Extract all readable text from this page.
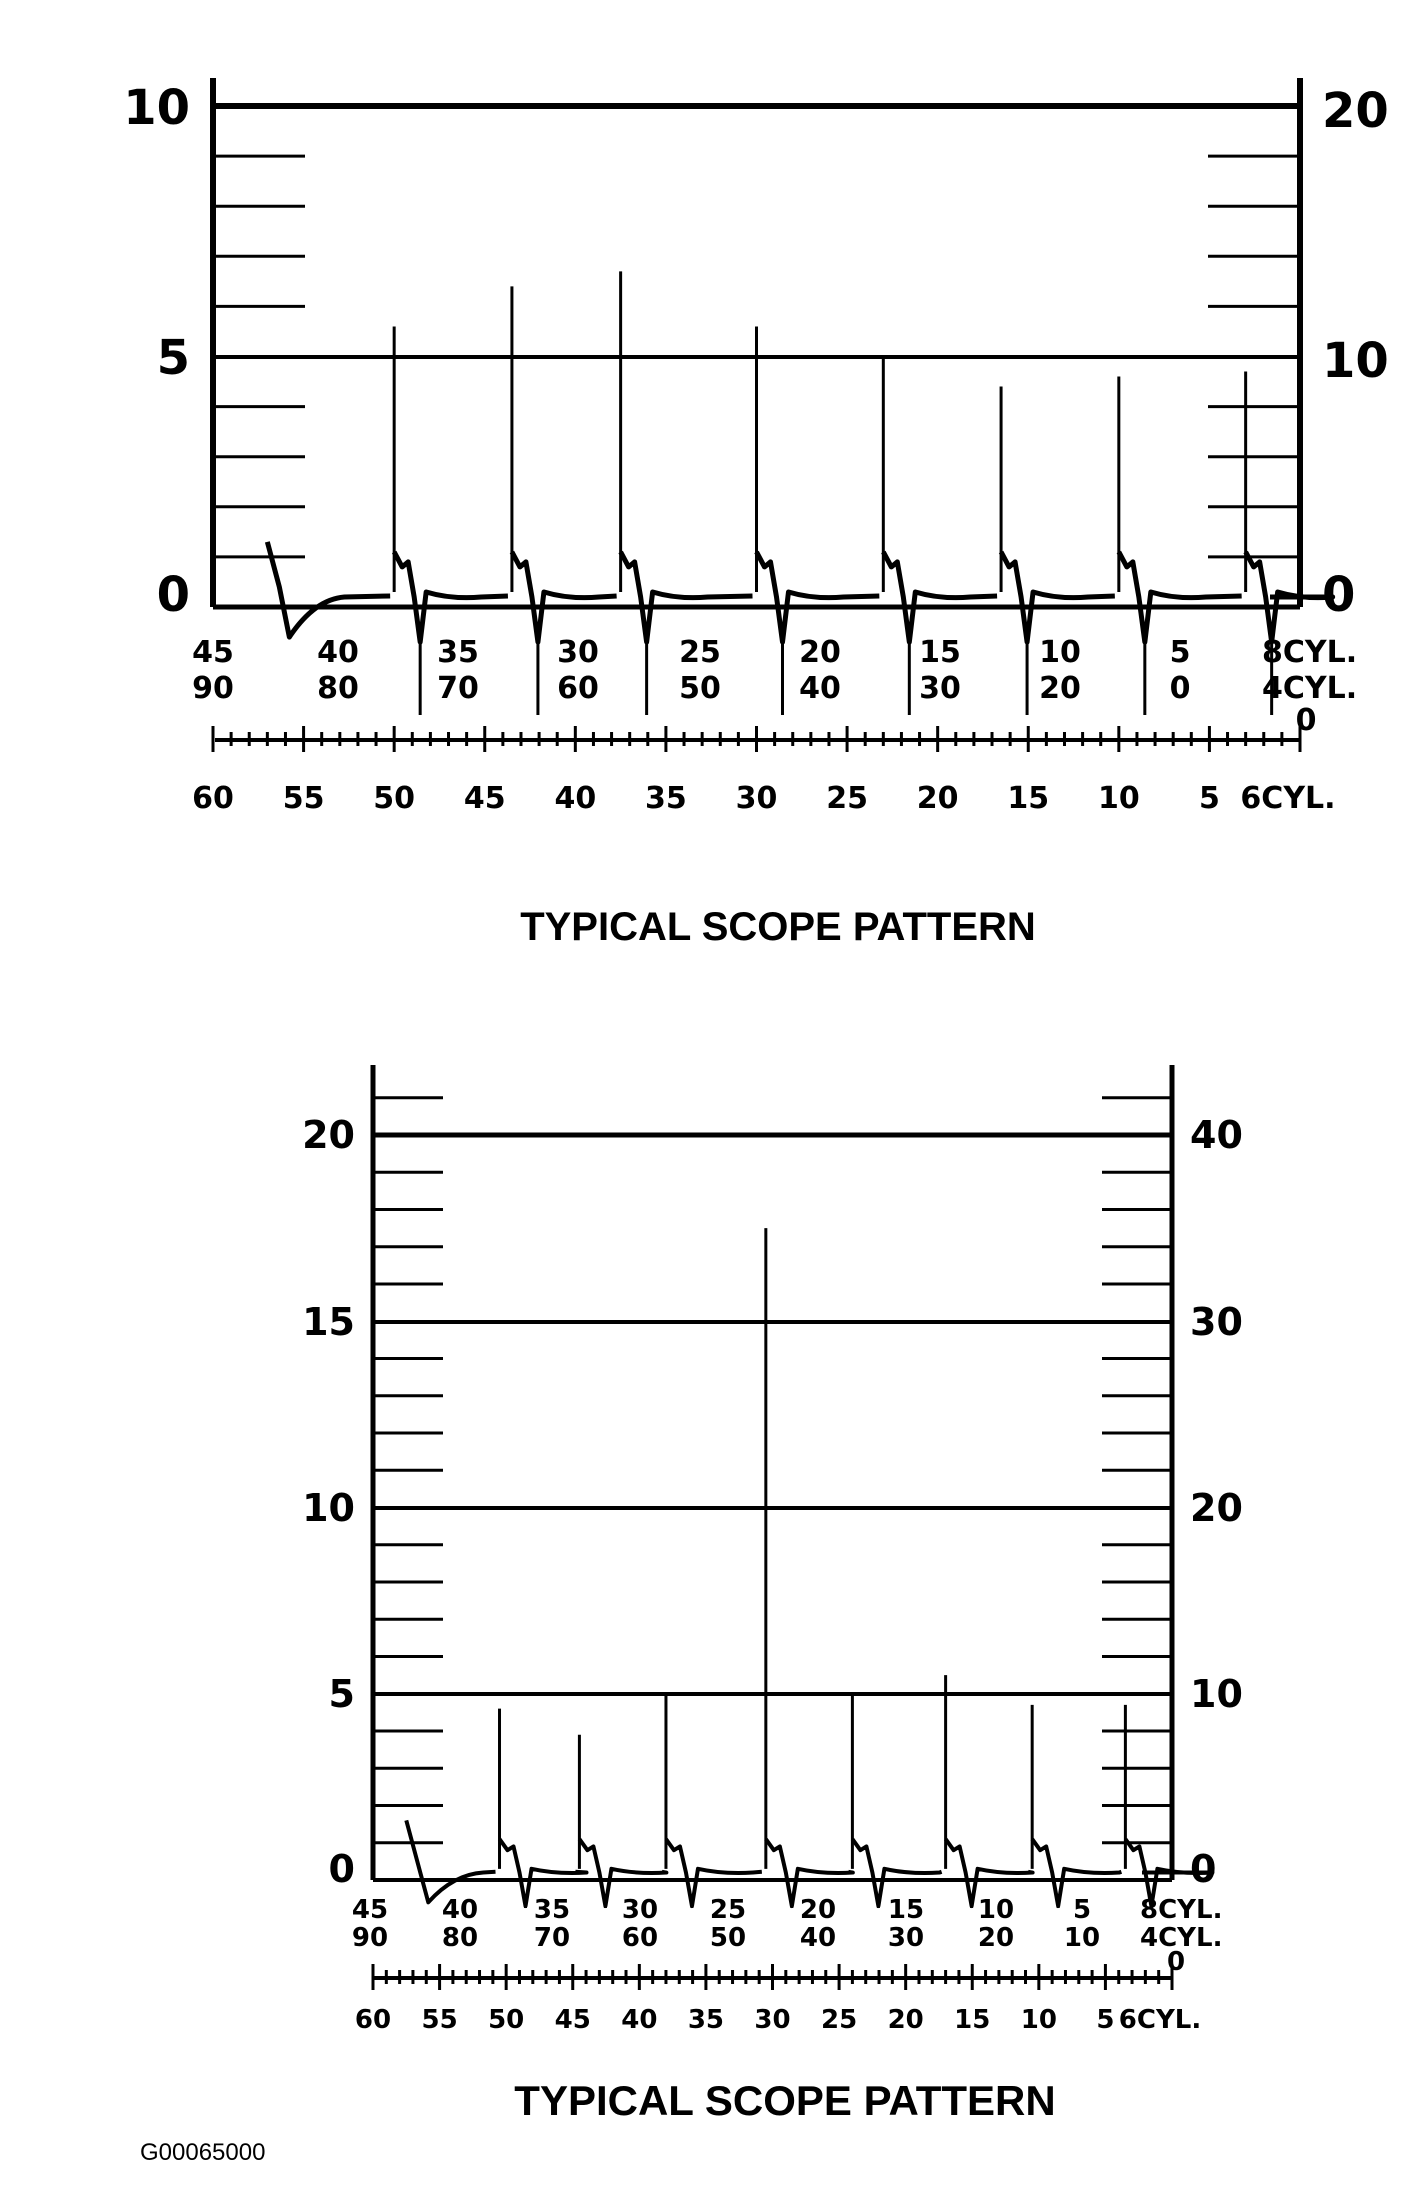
10
5
0
20
10
0
45	40	35	30	25	20	15	10	5 8CYL.
90	80	70	60	50	40	30	20	0 4CYL.
0
60 55 50 45 40 35 30 25 20 15 10 5 6CYL.
TYPICAL SCOPE PATTERN
20
15
10
5
0
40
30
20
10
0
45 40 35 30 25 20 15 10 5 8CYL.
90 80 70 60 50 40 30 20 10 4CYL.
0
60 55 50 45 40 35 30 25 20 15 10 5 6CYL.
TYPICAL SCOPE PATTERN
G00065000
